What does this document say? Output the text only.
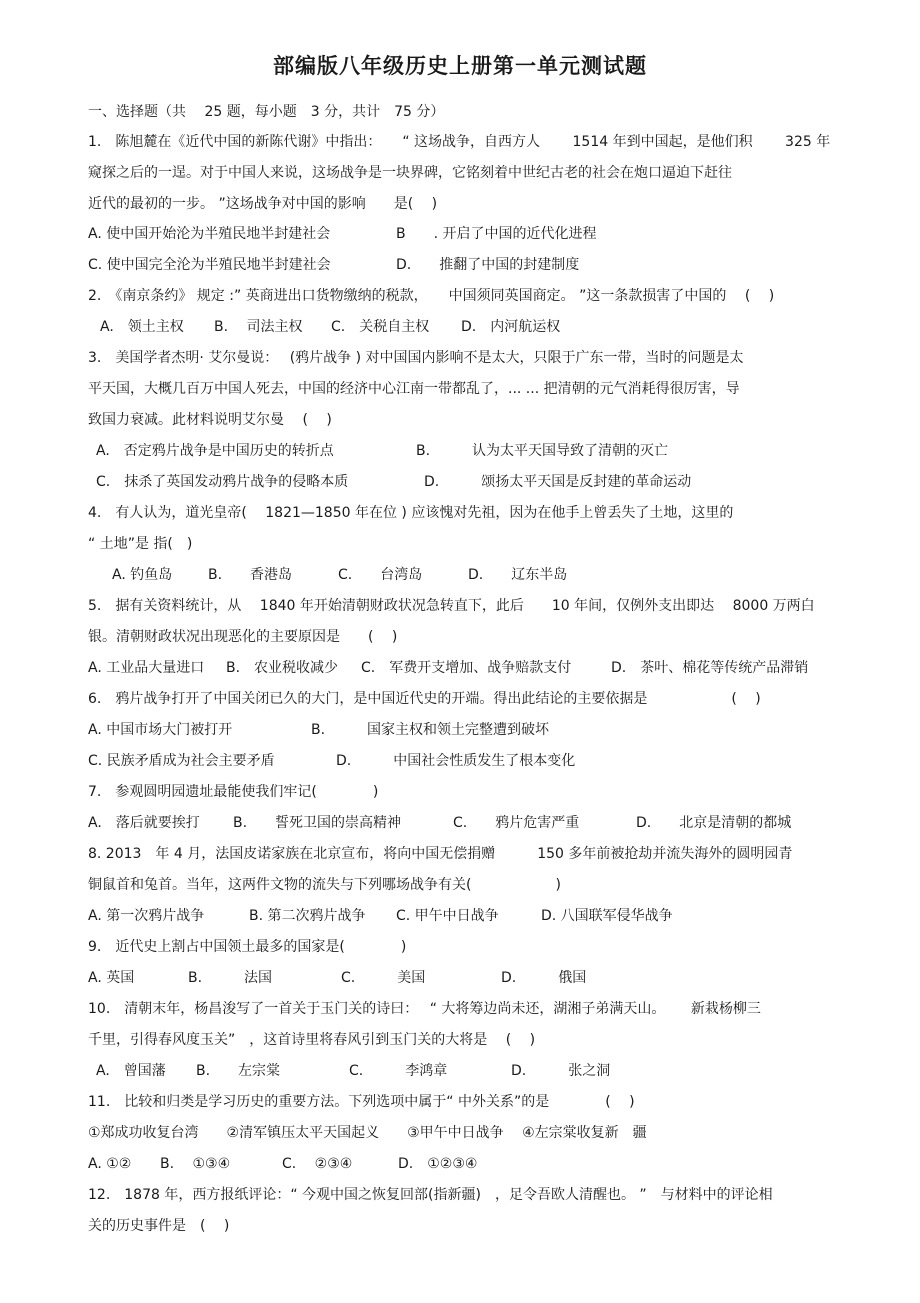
部编版八年级历史上册第一单元测试题
一、选择题（共　 25 题，每小题　3 分，共计　75 分）
1.　陈旭麓在《近代中国的新陈代谢》中指出：　　“ 这场战争，自西方人　　 1514 年到中国起，是他们积　　 325 年
窥探之后的一逞。对于中国人来说，这场战争是一块界碑，它铭刻着中世纪古老的社会在炮口逼迫下赶往
近代的最初的一步。 ”这场战争对中国的影响　　是(　 )
A. 使中国开始沦为半殖民地半封建社会	B　　. 开启了中国的近代化进程
C. 使中国完全沦为半殖民地半封建社会	D.　　推翻了中国的封建制度
2.　《南京条约》 规定 :” 英商进出口货物缴纳的税款，　　中国须同英国商定。 ”这一条款损害了中国的　 (　 )
A.　领土主权 B.　 司法主权 C.　关税自主权 D.　内河航运权
3.　美国学者杰明· 艾尔曼说：　 (鸦片战争 ) 对中国国内影响不是太大，只限于广东一带，当时的问题是太
平天国，大概几百万中国人死去，中国的经济中心江南一带都乱了，... ... 把清朝的元气消耗得很厉害，导
致国力衰减。此材料说明艾尔曼　 (　 )
A.　否定鸦片战争是中国历史的转折点	B.　　　认为太平天国导致了清朝的灭亡
C.　抹杀了英国发动鸦片战争的侵略本质	D.　　　颂扬太平天国是反封建的革命运动
4.　有人认为，道光皇帝(　 1821—1850 年在位 ) 应该愧对先祖，因为在他手上曾丢失了土地，这里的
“ 土地”是 指(　)
A. 钓鱼岛	B.　　香港岛	C.　　台湾岛	D.　　辽东半岛
5.　据有关资料统计，从　 1840 年开始清朝财政状况急转直下，此后　　10 年间，仅例外支出即达　 8000 万两白
银。清朝财政状况出现恶化的主要原因是　　(　 )
A. 工业品大量进口 B.　农业税收减少 C.　军费开支增加、战争赔款支付	D.　茶叶、棉花等传统产品滞销
6.　鸦片战争打开了中国关闭已久的大门，是中国近代史的开端。得出此结论的主要依据是　　　　　　(　 )
A. 中国市场大门被打开	B.　　　国家主权和领土完整遭到破坏
C. 民族矛盾成为社会主要矛盾	D.　　　中国社会性质发生了根本变化
7.　参观圆明园遗址最能使我们牢记(　　　　)
A.　落后就要挨打 B.　　誓死卫国的崇高精神	C.　　鸦片危害严重	D.　　北京是清朝的都城
8. 2013　年 4 月，法国皮诺家族在北京宣布，将向中国无偿捐赠　　　150 多年前被抢劫并流失海外的圆明园青
铜鼠首和兔首。当年，这两件文物的流失与下列哪场战争有关(　　　　　　)
A. 第一次鸦片战争	B. 第二次鸦片战争 C. 甲午中日战争	D. 八国联军侵华战争
9.　近代史上割占中国领土最多的国家是(　　　　)
A. 英国	B.　　　法国	C.　　　美国	D.　　　俄国
10.　清朝末年，杨昌浚写了一首关于玉门关的诗曰：　 “ 大将筹边尚未还，湖湘子弟满天山。　　 新栽杨柳三
千里，引得春风度玉关”　，这首诗里将春风引到玉门关的大将是　 (　 )
A.　曾国藩 B.　　左宗棠	C.　　　李鸿章	D.　　　张之洞
11.　比较和归类是学习历史的重要方法。下列选项中属于“ 中外关系”的是　　　　(　 )
①郑成功收复台湾　　②清军镇压太平天国起义　　③甲午中日战争　 ④左宗棠收复新　疆
A. ①② B.　 ①③④	C.　 ②③④	D.　①②③④
12.　1878 年，西方报纸评论：“ 今观中国之恢复回部(指新疆)　，足令吾欧人清醒也。 ”　与材料中的评论相
关的历史事件是　(　 )
